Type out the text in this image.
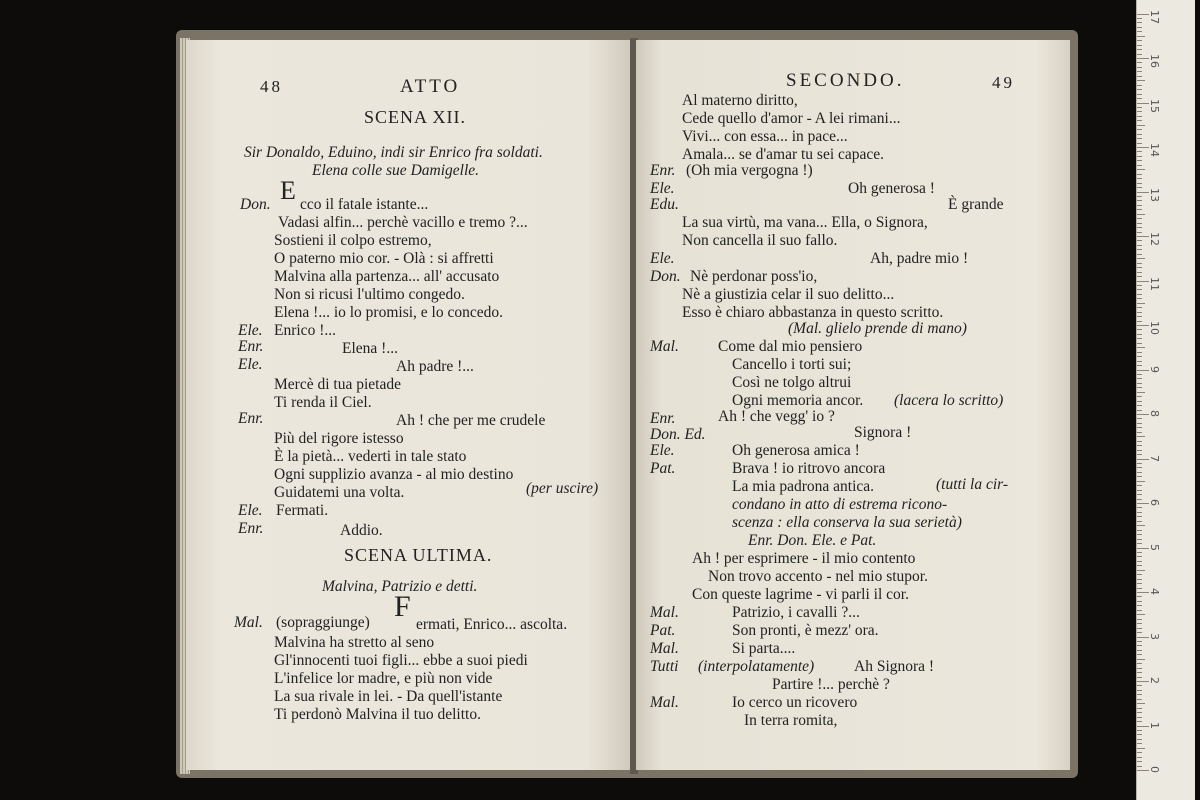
48	ATTO
SCENA XII.
Sir Donaldo, Eduino, indi sir Enrico fra soldati.
Elena colle sue Damigelle.
Don. E cco il fatale istante...
Vadasi alfin... perchè vacillo e tremo ?...
Sostieni il colpo estremo,
O paterno mio cor. - Olà : si affretti
Malvina alla partenza... all' accusato
Non si ricusi l'ultimo congedo.
Elena !... io lo promisi, e lo concedo.
Ele. Enrico !...
Enr.	Elena !...
Ele.	Ah padre !...
Mercè di tua pietade
Ti renda il Ciel.
Enr.	Ah ! che per me crudele
Più del rigore istesso
È la pietà... vederti in tale stato
Ogni supplizio avanza - al mio destino
Guidatemi una volta.	(per uscire)
Ele. Fermati.
Enr.	Addio.
SCENA ULTIMA.
Malvina, Patrizio e detti.
Mal. (sopraggiunge) F
ermati, Enrico... ascolta.
Malvina ha stretto al seno
Gl'innocenti tuoi figli... ebbe a suoi piedi
L'infelice lor madre, e più non vide
La sua rivale in lei. - Da quell'istante
Ti perdonò Malvina il tuo delitto.
SECONDO.	49
Al materno diritto,
Cede quello d'amor - A lei rimani...
Vivi... con essa... in pace...
Amala... se d'amar tu sei capace.
Enr. (Oh mia vergogna !)
Ele.	Oh generosa !
Edu.	È grande
La sua virtù, ma vana... Ella, o Signora,
Non cancella il suo fallo.
Ele.	Ah, padre mio !
Don. Nè perdonar poss'io,
Nè a giustizia celar il suo delitto...
Esso è chiaro abbastanza in questo scritto.
(Mal. glielo prende di mano)
Mal.	Come dal mio pensiero
Cancello i torti sui;
Così ne tolgo altrui
Ogni memoria ancor. (lacera lo scritto)
Enr.	Ah ! che vegg' io ?
Don. Ed.	Signora !
Ele.	Oh generosa amica !
Pat.	Brava ! io ritrovo ancora
La mia padrona antica.	(tutti la cir-
condano in atto di estrema ricono-
scenza : ella conserva la sua serietà)
Enr. Don. Ele. e Pat.
Ah ! per esprimere - il mio contento
Non trovo accento - nel mio stupor.
Con queste lagrime - vi parli il cor.
Mal.	Patrizio, i cavalli ?...
Pat.	Son pronti, è mezz' ora.
Mal.	Si parta....
Tutti (interpolatamente)	Ah Signora !
Partire !... perchè ?
Mal.	Io cerco un ricovero
In terra romita,
0
1
2
3
4
5
6
7
8
9
10
11
12
13
14
15
16
17
